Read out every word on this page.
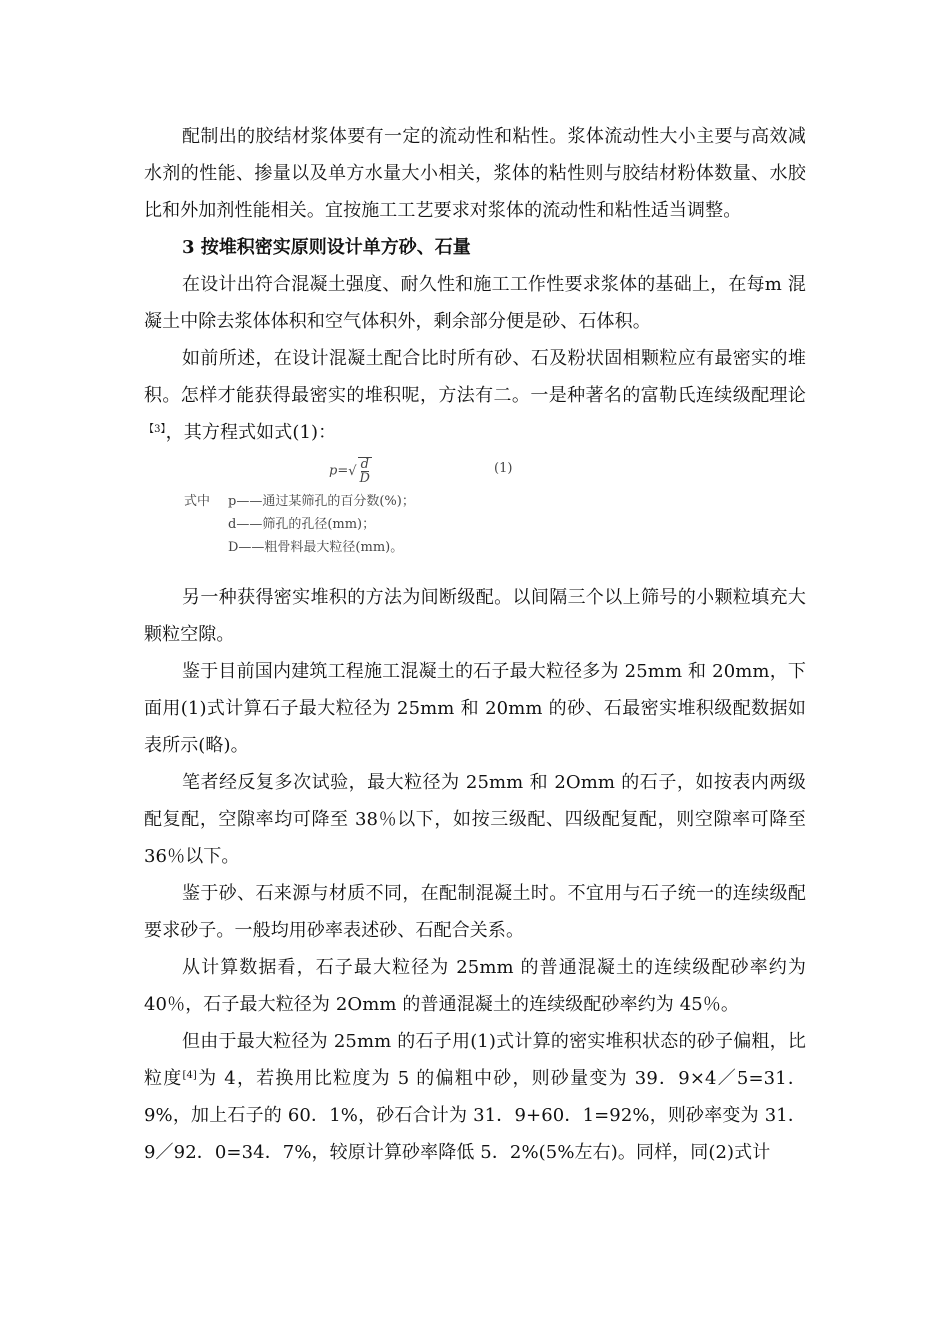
配制出的胶结材浆体要有一定的流动性和粘性。浆体流动性大小主要与高效减水剂的性能、掺量以及单方水量大小相关，浆体的粘性则与胶结材粉体数量、水胶比和外加剂性能相关。宜按施工工艺要求对浆体的流动性和粘性适当调整。

3 按堆积密实原则设计单方砂、石量

在设计出符合混凝土强度、耐久性和施工工作性要求浆体的基础上，在每m 混凝土中除去浆体体积和空气体积外，剩余部分便是砂、石体积。

如前所述，在设计混凝土配合比时所有砂、石及粉状固相颗粒应有最密实的堆积。怎样才能获得最密实的堆积呢，方法有二。一是种著名的富勒氏连续级配理论$^{【3】}$，其方程式如式(1)：

$p=√ \frac{d}{D}$	(1)
式中 p——通过某筛孔的百分数(%)；
d——筛孔的孔径(mm)；
D——粗骨料最大粒径(mm)。

另一种获得密实堆积的方法为间断级配。以间隔三个以上筛号的小颗粒填充大颗粒空隙。

鉴于目前国内建筑工程施工混凝土的石子最大粒径多为 25mm 和 20mm，下面用(1)式计算石子最大粒径为 25mm 和 20mm 的砂、石最密实堆积级配数据如表所示(略)。

笔者经反复多次试验，最大粒径为 25mm 和 2Omm 的石子，如按表内两级配复配，空隙率均可降至 38％以下，如按三级配、四级配复配，则空隙率可降至 36％以下。

鉴于砂、石来源与材质不同，在配制混凝土时。不宜用与石子统一的连续级配要求砂子。一般均用砂率表述砂、石配合关系。

从计算数据看，石子最大粒径为 25mm 的普通混凝土的连续级配砂率约为 40％，石子最大粒径为 2Omm 的普通混凝土的连续级配砂率约为 45％。

但由于最大粒径为 25mm 的石子用(1)式计算的密实堆积状态的砂子偏粗，比粒度[4]为 4，若换用比粒度为 5 的偏粗中砂，则砂量变为 39．9×4／5=31．9%，加上石子的 60．1%，砂石合计为 31．9+60．1=92%，则砂率变为 31．9／92．0=34．7%，较原计算砂率降低 5．2%(5%左右)。同样，同(2)式计
